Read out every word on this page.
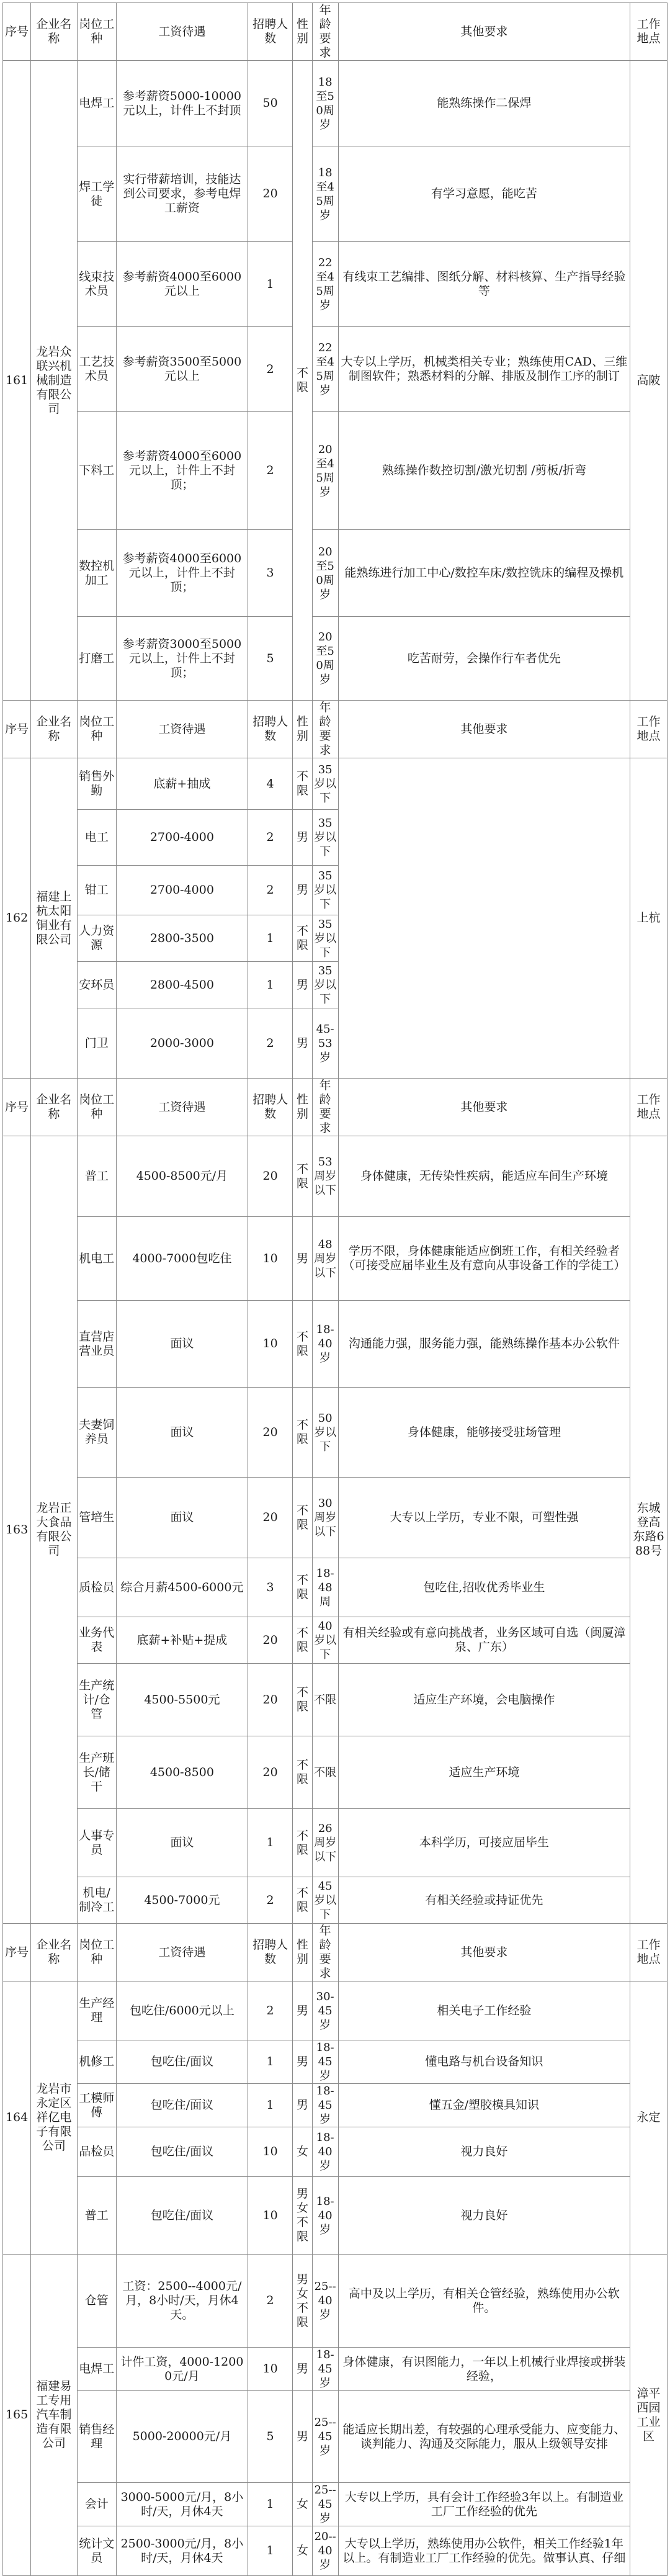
序号	企业名称	岗位工种	工资待遇	招聘人数	性别	年龄要求	其他要求	工作地点
161	龙岩众联兴机械制造有限公司	电焊工	参考薪资5000-10000元以上，计件上不封顶	50	不限	18至50周岁	能熟练操作二保焊	高陂
		焊工学徒	实行带薪培训，技能达到公司要求，参考电焊工薪资	20		18至45周岁	有学习意愿，能吃苦	
		线束技术员	参考薪资4000至6000元以上	1		22至45周岁	有线束工艺编排、图纸分解、材料核算、生产指导经验等	
		工艺技术员	参考薪资3500至5000元以上	2		22至45周岁	大专以上学历，机械类相关专业；熟练使用CAD、三维制图软件；熟悉材料的分解、排版及制作工序的制订	
		下料工	参考薪资4000至6000元以上，计件上不封顶；	2		20至45周岁	熟练操作数控切割/激光切割 /剪板/折弯	
		数控机加工	参考薪资4000至6000元以上，计件上不封顶；	3		20至50周岁	能熟练进行加工中心/数控车床/数控铣床的编程及操机	
		打磨工	参考薪资3000至5000元以上，计件上不封顶；	5		20至50周岁	吃苦耐劳，会操作行车者优先	
序号	企业名称	岗位工种	工资待遇	招聘人数	性别	年龄要求	其他要求	工作地点
162	福建上杭太阳铜业有限公司	销售外勤	底薪+抽成	4	不限	35岁以下		上杭
		电工	2700-4000	2	男	35岁以下		
		钳工	2700-4000	2	男	35岁以下		
		人力资源	2800-3500	1	不限	35岁以下		
		安环员	2800-4500	1	男	35岁以下		
		门卫	2000-3000	2	男	45-53岁		
序号	企业名称	岗位工种	工资待遇	招聘人数	性别	年龄要求	其他要求	工作地点
163	龙岩正大食品有限公司	普工	4500-8500元/月	20	不限	53周岁以下	身体健康，无传染性疾病，能适应车间生产环境	东城登高东路688号
		机电工	4000-7000包吃住	10	男	48周岁以下	学历不限，身体健康能适应倒班工作，有相关经验者（可接受应届毕业生及有意向从事设备工作的学徒工）	
		直营店营业员	面议	10	不限	18-40岁	沟通能力强，服务能力强，能熟练操作基本办公软件	
		夫妻饲养员	面议	20	不限	50岁以下	身体健康，能够接受驻场管理	
		管培生	面议	20	不限	30周岁以下	大专以上学历，专业不限，可塑性强	
		质检员	综合月薪4500-6000元	3	不限	18-48周	包吃住,招收优秀毕业生	
		业务代表	底薪+补贴+提成	20	不限	40岁以下	有相关经验或有意向挑战者，业务区域可自选（闽厦漳泉、广东）	
		生产统计/仓管	4500-5500元	20	不限	不限	适应生产环境，会电脑操作	
		生产班长/储干	4500-8500	20	不限	不限	适应生产环境	
		人事专员	面议	1	不限	26周岁以下	本科学历，可接应届毕生	
		机电/制冷工	4500-7000元	2	不限	45岁以下	有相关经验或持证优先	
序号	企业名称	岗位工种	工资待遇	招聘人数	性别	年龄要求	其他要求	工作地点
164	龙岩市永定区祥亿电子有限公司	生产经理	包吃住/6000元以上	2	男	30-45岁	相关电子工作经验	永定
		机修工	包吃住/面议	1	男	18-45岁	懂电路与机台设备知识	
		工模师傅	包吃住/面议	1	男	18-45岁	懂五金/塑胶模具知识	
		品检员	包吃住/面议	10	女	18-40岁	视力良好	
		普工	包吃住/面议	10	男女不限	18-40岁	视力良好	
165	福建易工专用汽车制造有限公司	仓管	工资：2500--4000元/月，8小时/天，月休4天。	2	男女不限	25--40岁	高中及以上学历，有相关仓管经验，熟练使用办公软件。	漳平西园工业区
		电焊工	计件工资，4000-12000元/月	10	男	18-45岁	身体健康，有识图能力，一年以上机械行业焊接或拼装经验，	
		销售经理	5000-20000元/月	5	男	25--45岁	能适应长期出差，有较强的心理承受能力、应变能力、谈判能力、沟通及交际能力，服从上级领导安排	
		会计	3000-5000元/月，8小时/天，月休4天	1	女	25--45岁	大专以上学历，具有会计工作经验3年以上。有制造业工厂工作经验的优先	
		统计文员	2500-3000元/月，8小时/天，月休4天	1	女	20--40岁	大专以上学历，熟练使用办公软件，相关工作经验1年以上。有制造业工厂工作经验的优先。做事认真、仔细	
